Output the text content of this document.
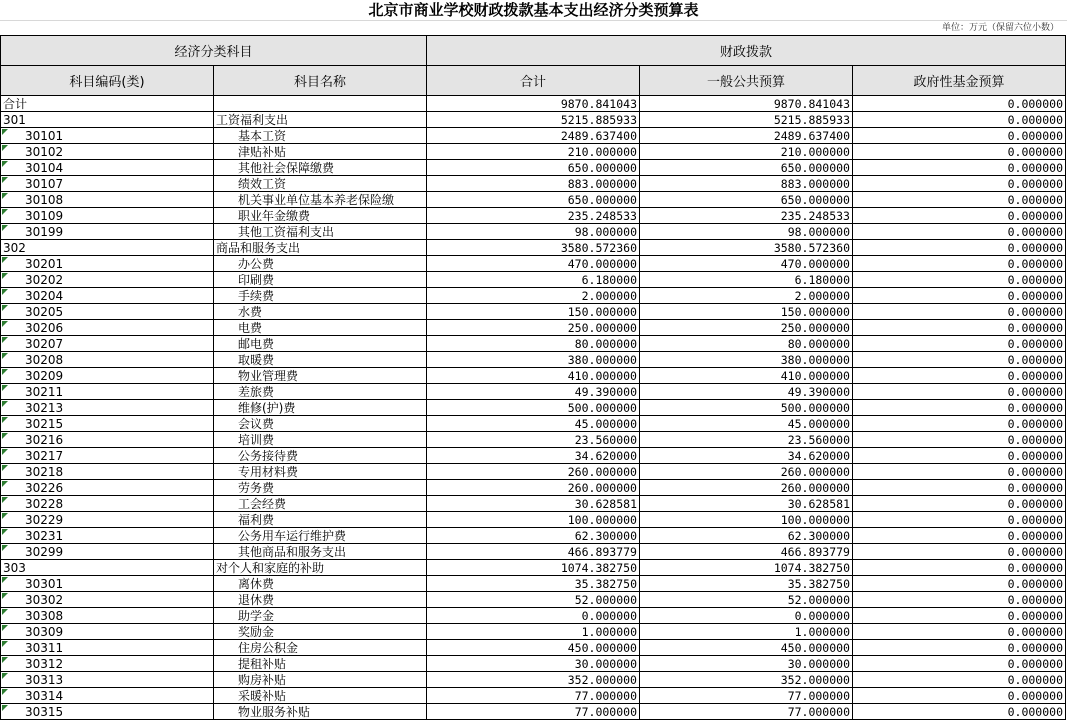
北京市商业学校财政拨款基本支出经济分类预算表
单位：万元（保留六位小数）
经济分类科目		财政拨款		
科目编码(类)	科目名称	合计	一般公共预算	政府性基金预算
合计		9870.841043	9870.841043	0.000000
301	工资福利支出	5215.885933	5215.885933	0.000000

30101	基本工资	2489.637400	2489.637400	0.000000

30102	津贴补贴	210.000000	210.000000	0.000000

30104	其他社会保障缴费	650.000000	650.000000	0.000000

30107	绩效工资	883.000000	883.000000	0.000000

30108	机关事业单位基本养老保险缴	650.000000	650.000000	0.000000

30109	职业年金缴费	235.248533	235.248533	0.000000

30199	其他工资福利支出	98.000000	98.000000	0.000000
302	商品和服务支出	3580.572360	3580.572360	0.000000

30201	办公费	470.000000	470.000000	0.000000

30202	印刷费	6.180000	6.180000	0.000000

30204	手续费	2.000000	2.000000	0.000000

30205	水费	150.000000	150.000000	0.000000

30206	电费	250.000000	250.000000	0.000000

30207	邮电费	80.000000	80.000000	0.000000

30208	取暖费	380.000000	380.000000	0.000000

30209	物业管理费	410.000000	410.000000	0.000000

30211	差旅费	49.390000	49.390000	0.000000

30213	维修(护)费	500.000000	500.000000	0.000000

30215	会议费	45.000000	45.000000	0.000000

30216	培训费	23.560000	23.560000	0.000000

30217	公务接待费	34.620000	34.620000	0.000000

30218	专用材料费	260.000000	260.000000	0.000000

30226	劳务费	260.000000	260.000000	0.000000

30228	工会经费	30.628581	30.628581	0.000000

30229	福利费	100.000000	100.000000	0.000000

30231	公务用车运行维护费	62.300000	62.300000	0.000000

30299	其他商品和服务支出	466.893779	466.893779	0.000000
303	对个人和家庭的补助	1074.382750	1074.382750	0.000000

30301	离休费	35.382750	35.382750	0.000000

30302	退休费	52.000000	52.000000	0.000000

30308	助学金	0.000000	0.000000	0.000000

30309	奖励金	1.000000	1.000000	0.000000

30311	住房公积金	450.000000	450.000000	0.000000

30312	提租补贴	30.000000	30.000000	0.000000

30313	购房补贴	352.000000	352.000000	0.000000

30314	采暖补贴	77.000000	77.000000	0.000000

30315	物业服务补贴	77.000000	77.000000	0.000000
